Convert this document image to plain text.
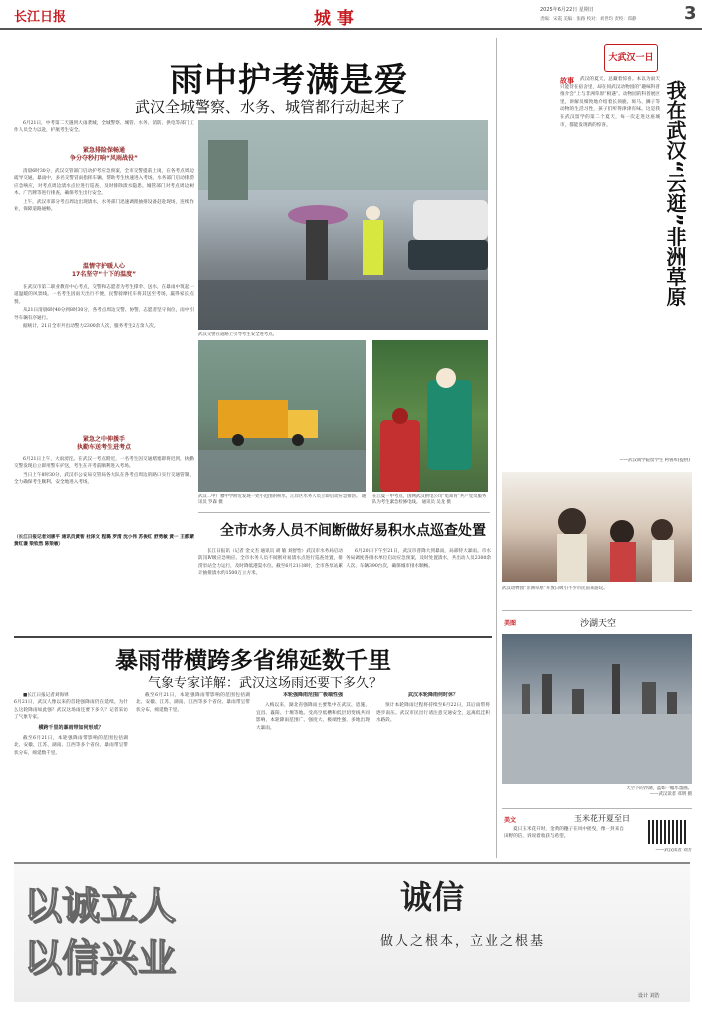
长江日报	城 事	2025年6月22日 星期日
责编：宋霞 美编：张路 校对：刘世均 责校：郑静	3
雨中护考满是爱
武汉全城警察、水务、城管都行动起来了

6月21日，中考第二天遇到大雨袭城，全城警察、城管、水务、消防、供电等部门工作人员全力以赴，护航考生安全。

紧急排险保畅通
争分夺秒打响“风雨战役”

清晨6时30分，武汉交管部门启动护考应急预案，全市交警提前上岗，在各考点周边疏导交通。暴雨中，多名交警冒雨指挥车辆，帮助考生快速进入考场。水务部门启动排涝应急响应，对考点周边渍水点位进行巡查，及时排除渍水隐患。城管部门对考点周边树木、广告牌等进行排查，确保考生出行安全。

上午，武汉市部分考点周边出现渍水，水务部门迅速调派抽排设备赶赴现场，连续作业，保障道路通畅。

温情守护暖人心
17名坚守“十下的温度”

在武汉市第二职业教育中心考点，交警和志愿者为考生撑伞、送水，在暴雨中筑起一道温暖的风景线。一名考生因雨天出行不便，民警骑摩托车将其送至考场，赢得家长点赞。

从21日清晨6时40分到8时30分，各考点周边交警、协警、志愿者坚守岗位，雨中引导车辆有序通行。

据统计，21日全市共出动警力2300余人次，服务考生2万余人次。

紧急之中伸援手
执勤车送考生进考点

6月21日上午，大雨滂沱。在武汉一考点附近，一名考生因交通堵塞即将迟到，执勤交警发现后立即用警车护送，考生在开考前顺利进入考场。

当日上午8时30分，武汉市公安局交管局各大队在各考点周边的路口实行交通管制，全力确保考生顺利、安全地进入考场。

（长江日报记者刘康平 通讯员黄智 杜泽文 程璐 罗清 沈小伟 苏俊红 舒勇敏 黄一 王都蒙 黄红谦 梁钦然 陈梁敏）
武汉交警在道路上引导考生安全进考点。
武汉二中广雅中学附近发现一处小范围的积水，江岸区水务人员立即启动应急排涝。 通讯员 罗森 摄
在江夏一中考点，国网武汉供电公司“电知青”共产党员服务队为考生紧急检修电线。 通讯员 吴龙 摄
全市水务人员不间断做好易积水点巡查处置

长江日报讯（记者 金文杰 通讯员 胡 敏 刘舒怡）武汉市水务局启动防汛Ⅳ级应急响应。全市水务人员不间断对易渍水点进行巡查处置，排涝泵站全力运行，及时降低港渠水位。截至6月21日8时，全市各泵站累计抽排渍水约1500万立方米。

6月20日下午至21日，武汉市普降大到暴雨，局部特大暴雨。市水务局调度各排水单位启动应急预案，及时处置渍水，共出动人员2300余人次、车辆390台次，确保城市排水顺畅。

暴雨带横跨多省绵延数千里
气象专家详解：武汉这场雨还要下多久？

■长江日报记者刘海铎
6月21日，武汉人像以来的首轮强降雨仍在延续。为什么这轮降雨如此强？武汉这场雨还要下多久？记者采访了气象专家。

横跨千里的暴雨带如何形成？

截至6月21日，本轮强降雨带影响的范围包括湖北、安徽、江苏、湖南、江西等多个省份。暴雨带呈带状分布，绵延数千里。

截至6月21日，本轮强降雨带影响的范围包括湖北、安徽、江苏、湖南、江西等多个省份。暴雨带呈带状分布，绵延数千里。

本轮强降雨范围广极端性强

入梅以来，湖北省强降雨主要集中在武汉、恩施、宜昌、襄阳、十堰等地。受高空低槽和低层切变线共同影响，本轮降雨范围广、强度大、极端性强，多地出现大暴雨。

武汉本轮降雨何时休？

预计本轮降雨过程将持续至6月22日，其后雨带将逐步南压。武汉市民出行请注意交通安全，远离低洼积水路段。

大武汉一日
故事	武汉的夏天，总藏着惊喜。本以为雨天只能待在宿舍里，却在同武汉动物园的“趣味科普推介会”上与非洲草原“相遇”。动物园的科普展区里，讲解员细致地介绍着长颈鹿、斑马、狮子等动物的生活习性，孩子们听得津津有味。这是我在武汉留学的第二个夏天，每一次走进这座城市，都能发现新的惊喜。	我在武汉“云逛”非洲草原
——武汉商学院留学生 阿鲁库(提供)
武汉动物园“非洲草原”开放日吸引不少市民前来游玩。
美图	沙湖天空
天空下的沙湖，蓝如一幅水墨画。
——武汉读者 邓明 摄
美文	玉米花开夏至日

夏日玉米花开时，金黄的穗子在风中摇曳，像一封来自田野的信，诉说着收获与希望。

——武汉读者 刘芳
以诚立人 以信兴业
诚信
做人之根本，立业之根基
设计 刘浩
